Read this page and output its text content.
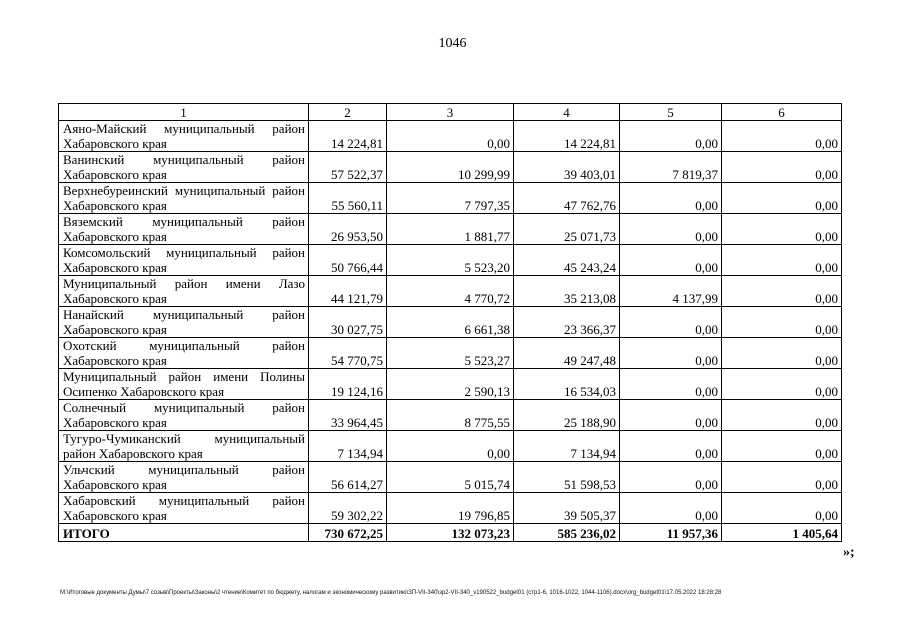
1046
1	2	3	4	5	6
Аяно-Майский муниципальный район Хабаровского края	14 224,81	0,00	14 224,81	0,00	0,00
Ванинский муниципальный район Хабаровского края	57 522,37	10 299,99	39 403,01	7 819,37	0,00
Верхнебуреинский муниципальный район Хабаровского края	55 560,11	7 797,35	47 762,76	0,00	0,00
Вяземский муниципальный район Хабаровского края	26 953,50	1 881,77	25 071,73	0,00	0,00
Комсомольский муниципальный район Хабаровского края	50 766,44	5 523,20	45 243,24	0,00	0,00
Муниципальный район имени Лазо Хабаровского края	44 121,79	4 770,72	35 213,08	4 137,99	0,00
Нанайский муниципальный район Хабаровского края	30 027,75	6 661,38	23 366,37	0,00	0,00
Охотский муниципальный район Хабаровского края	54 770,75	5 523,27	49 247,48	0,00	0,00
Муниципальный район имени Полины Осипенко Хабаровского края	19 124,16	2 590,13	16 534,03	0,00	0,00
Солнечный муниципальный район Хабаровского края	33 964,45	8 775,55	25 188,90	0,00	0,00
Тугуро-Чумиканский муниципальный район Хабаровского края	7 134,94	0,00	7 134,94	0,00	0,00
Ульчский муниципальный район Хабаровского края	56 614,27	5 015,74	51 598,53	0,00	0,00
Хабаровский муниципальный район Хабаровского края	59 302,22	19 796,85	39 505,37	0,00	0,00
ИТОГО	730 672,25	132 073,23	585 236,02	11 957,36	1 405,64
»;
M:\Итоговые документы Думы\7 созыв\Проекты\Законы\2 чтение\Комитет по бюджету, налогам и экономическому развитию\ЗП-VII-340\зр2-VII-340_v190522_budget01 (стр1-6, 1016-1022, 1044-1106).docx\org_budget01\17.05.2022 18:28:28
